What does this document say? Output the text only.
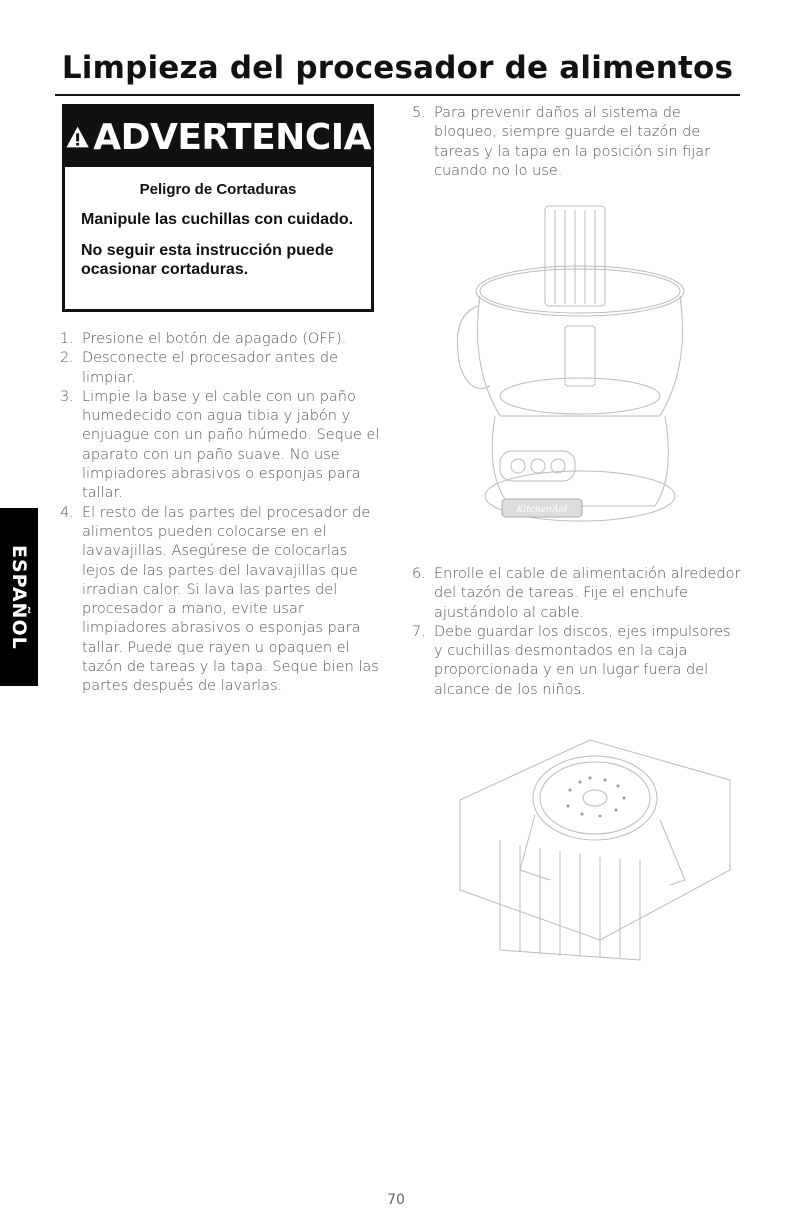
Limpieza del procesador de alimentos
ADVERTENCIA
Peligro de Cortaduras
Manipule las cuchillas con cuidado.
No seguir esta instrucción puede ocasionar cortaduras.
1. Presione el botón de apagado (OFF).
2. Desconecte el procesador antes de limpiar.
3. Limpie la base y el cable con un paño humedecido con agua tibia y jabón y enjuague con un paño húmedo. Seque el aparato con un paño suave. No use limpiadores abrasivos o esponjas para tallar.
4. El resto de las partes del procesador de alimentos pueden colocarse en el lavavajillas. Asegúrese de colocarlas lejos de las partes del lavavajillas que irradian calor. Si lava las partes del procesador a mano, evite usar limpiadores abrasivos o esponjas para tallar. Puede que rayen u opaquen el tazón de tareas y la tapa. Seque bien las partes después de lavarlas.
5. Para prevenir daños al sistema de bloqueo, siempre guarde el tazón de tareas y la tapa en la posición sin fijar cuando no lo use.
KitchenAid
6. Enrolle el cable de alimentación alrededor del tazón de tareas. Fije el enchufe ajustándolo al cable.
7. Debe guardar los discos, ejes impulsores y cuchillas desmontados en la caja proporcionada y en un lugar fuera del alcance de los niños.
ESPAÑOL
70
